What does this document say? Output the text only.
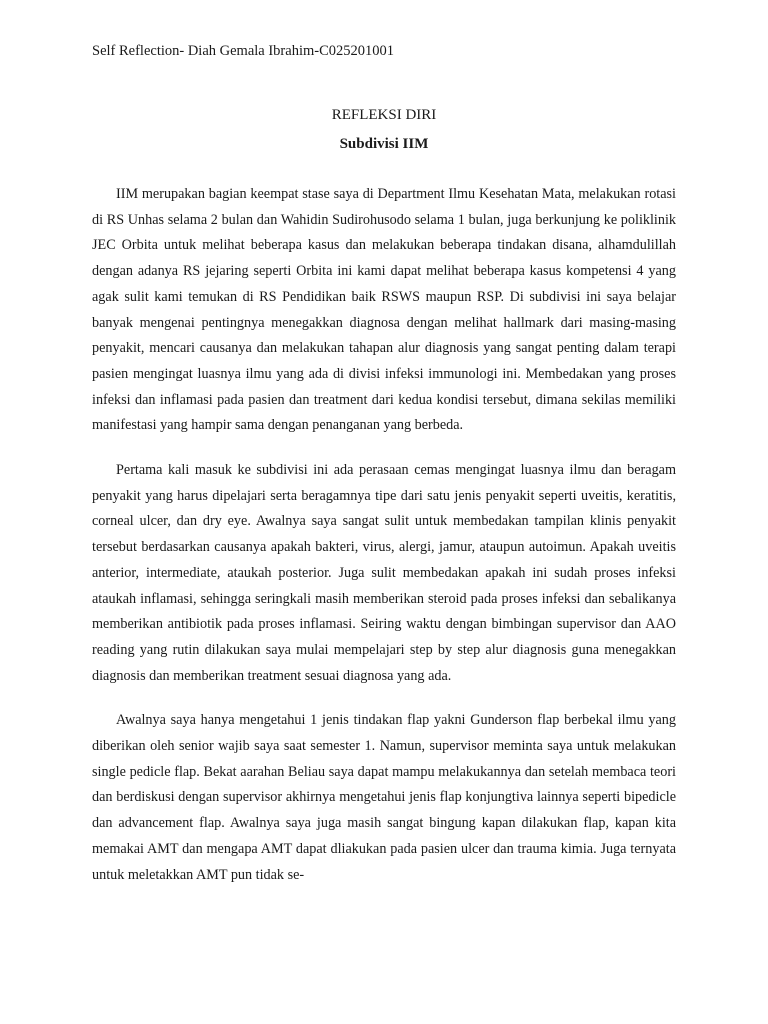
Self Reflection- Diah Gemala Ibrahim-C025201001
REFLEKSI DIRI
Subdivisi IIM

IIM merupakan bagian keempat stase saya di Department Ilmu Kesehatan Mata, melakukan rotasi di RS Unhas selama 2 bulan dan Wahidin Sudirohusodo selama 1 bulan, juga berkunjung ke poliklinik JEC Orbita untuk melihat beberapa kasus dan melakukan beberapa tindakan disana, alhamdulillah dengan adanya RS jejaring seperti Orbita ini kami dapat melihat beberapa kasus kompetensi 4 yang agak sulit kami temukan di RS Pendidikan baik RSWS maupun RSP. Di subdivisi ini saya belajar banyak mengenai pentingnya menegakkan diagnosa dengan melihat hallmark dari masing-masing penyakit, mencari causanya dan melakukan tahapan alur diagnosis yang sangat penting dalam terapi pasien mengingat luasnya ilmu yang ada di divisi infeksi immunologi ini. Membedakan yang proses infeksi dan inflamasi pada pasien dan treatment dari kedua kondisi tersebut, dimana sekilas memiliki manifestasi yang hampir sama dengan penanganan yang berbeda.

Pertama kali masuk ke subdivisi ini ada perasaan cemas mengingat luasnya ilmu dan beragam penyakit yang harus dipelajari serta beragamnya tipe dari satu jenis penyakit seperti uveitis, keratitis, corneal ulcer, dan dry eye. Awalnya saya sangat sulit untuk membedakan tampilan klinis penyakit tersebut berdasarkan causanya apakah bakteri, virus, alergi, jamur, ataupun autoimun. Apakah uveitis anterior, intermediate, ataukah posterior. Juga sulit membedakan apakah ini sudah proses infeksi ataukah inflamasi, sehingga seringkali masih memberikan steroid pada proses infeksi dan sebalikanya memberikan antibiotik pada proses inflamasi. Seiring waktu dengan bimbingan supervisor dan AAO reading yang rutin dilakukan saya mulai mempelajari step by step alur diagnosis guna menegakkan diagnosis dan memberikan treatment sesuai diagnosa yang ada.

Awalnya saya hanya mengetahui 1 jenis tindakan flap yakni Gunderson flap berbekal ilmu yang diberikan oleh senior wajib saya saat semester 1. Namun, supervisor meminta saya untuk melakukan single pedicle flap. Bekat aarahan Beliau saya dapat mampu melakukannya dan setelah membaca teori dan berdiskusi dengan supervisor akhirnya mengetahui jenis flap konjungtiva lainnya seperti bipedicle dan advancement flap. Awalnya saya juga masih sangat bingung kapan dilakukan flap, kapan kita memakai AMT dan mengapa AMT dapat dliakukan pada pasien ulcer dan trauma kimia. Juga ternyata untuk meletakkan AMT pun tidak se-
